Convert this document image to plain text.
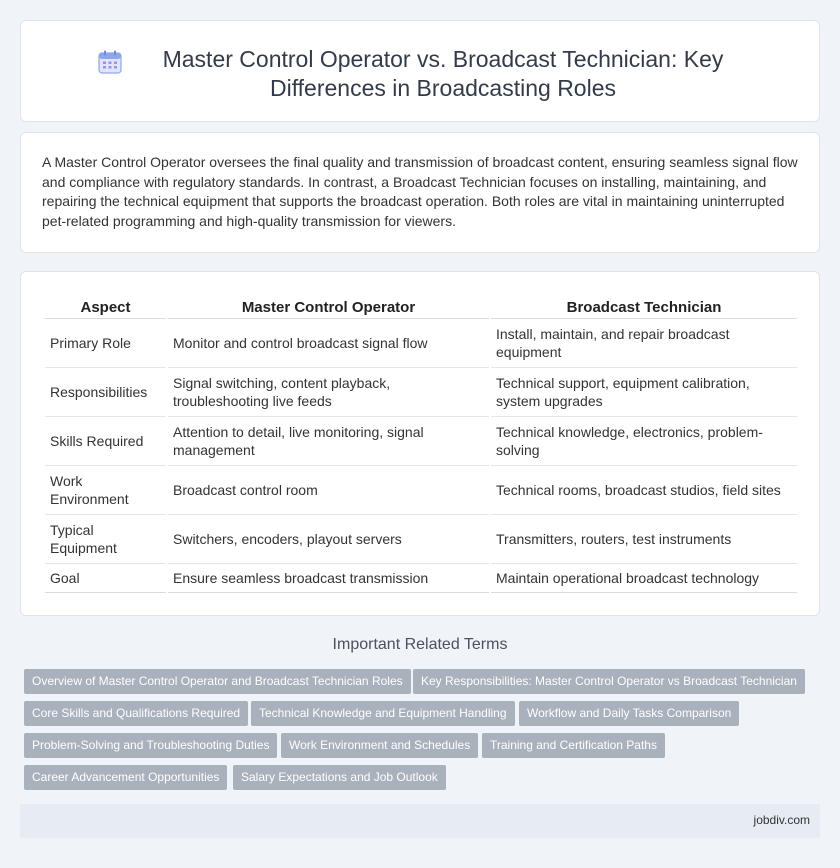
Master Control Operator vs. Broadcast Technician: Key Differences in Broadcasting Roles

A Master Control Operator oversees the final quality and transmission of broadcast content, ensuring seamless signal flow and compliance with regulatory standards. In contrast, a Broadcast Technician focuses on installing, maintaining, and repairing the technical equipment that supports the broadcast operation. Both roles are vital in maintaining uninterrupted pet-related programming and high-quality transmission for viewers.

Aspect	Master Control Operator	Broadcast Technician
Primary Role	Monitor and control broadcast signal flow	Install, maintain, and repair broadcast equipment
Responsibilities	Signal switching, content playback, troubleshooting live feeds	Technical support, equipment calibration, system upgrades
Skills Required	Attention to detail, live monitoring, signal management	Technical knowledge, electronics, problem-solving
Work Environment	Broadcast control room	Technical rooms, broadcast studios, field sites
Typical Equipment	Switchers, encoders, playout servers	Transmitters, routers, test instruments
Goal	Ensure seamless broadcast transmission	Maintain operational broadcast technology
Important Related Terms
Overview of Master Control Operator and Broadcast Technician Roles	Key Responsibilities: Master Control Operator vs Broadcast Technician
Core Skills and Qualifications Required	Technical Knowledge and Equipment Handling	Workflow and Daily Tasks Comparison
Problem-Solving and Troubleshooting Duties	Work Environment and Schedules	Training and Certification Paths
Career Advancement Opportunities	Salary Expectations and Job Outlook
jobdiv.com
